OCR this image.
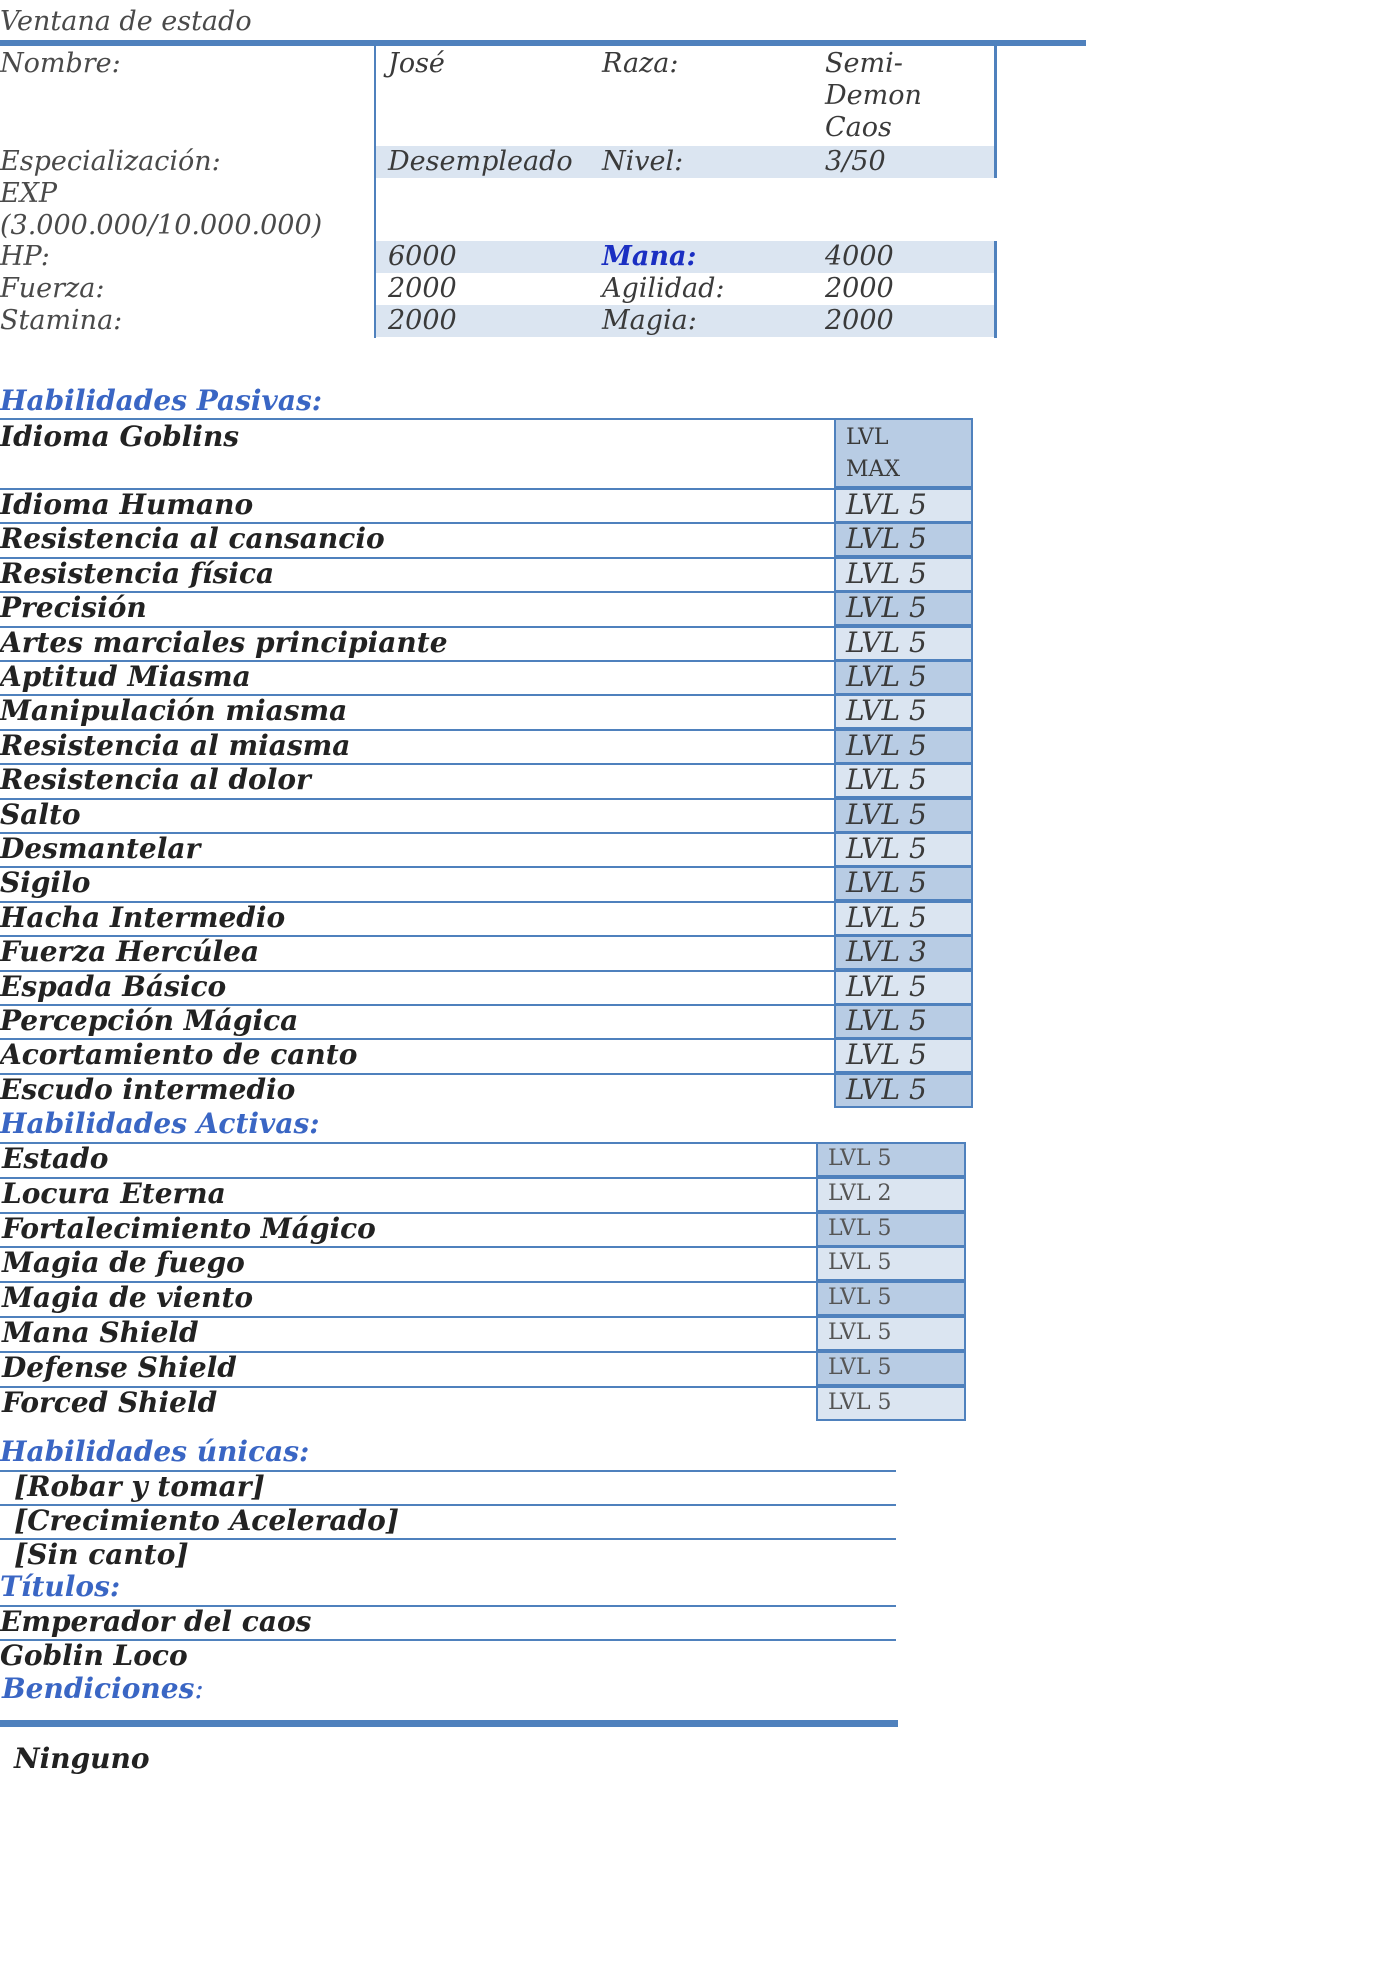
Ventana de estado
Nombre:	José	Raza:	Semi-
Demon
Caos
Especialización:	Desempleado Nivel:	3/50
EXP
(3.000.000/10.000.000)
HP:	6000	Mana:	4000
Fuerza:	2000	Agilidad:	2000
Stamina:	2000	Magia:	2000
Habilidades Pasivas:
Idioma Goblins	LVL
MAX
Idioma Humano	LVL 5
Resistencia al cansancio	LVL 5
Resistencia física	LVL 5
Precisión	LVL 5
Artes marciales principiante	LVL 5
Aptitud Miasma	LVL 5
Manipulación miasma	LVL 5
Resistencia al miasma	LVL 5
Resistencia al dolor	LVL 5
Salto	LVL 5
Desmantelar	LVL 5
Sigilo	LVL 5
Hacha Intermedio	LVL 5
Fuerza Hercúlea	LVL 3
Espada Básico	LVL 5
Percepción Mágica	LVL 5
Acortamiento de canto	LVL 5
Escudo intermedio	LVL 5
Habilidades Activas:
Estado	LVL 5
Locura Eterna	LVL 2
Fortalecimiento Mágico	LVL 5
Magia de fuego	LVL 5
Magia de viento	LVL 5
Mana Shield	LVL 5
Defense Shield	LVL 5
Forced Shield	LVL 5
Habilidades únicas:
[Robar y tomar]
[Crecimiento Acelerado]
[Sin canto]
Títulos:
Emperador del caos
Goblin Loco
Bendiciones:
Ninguno
